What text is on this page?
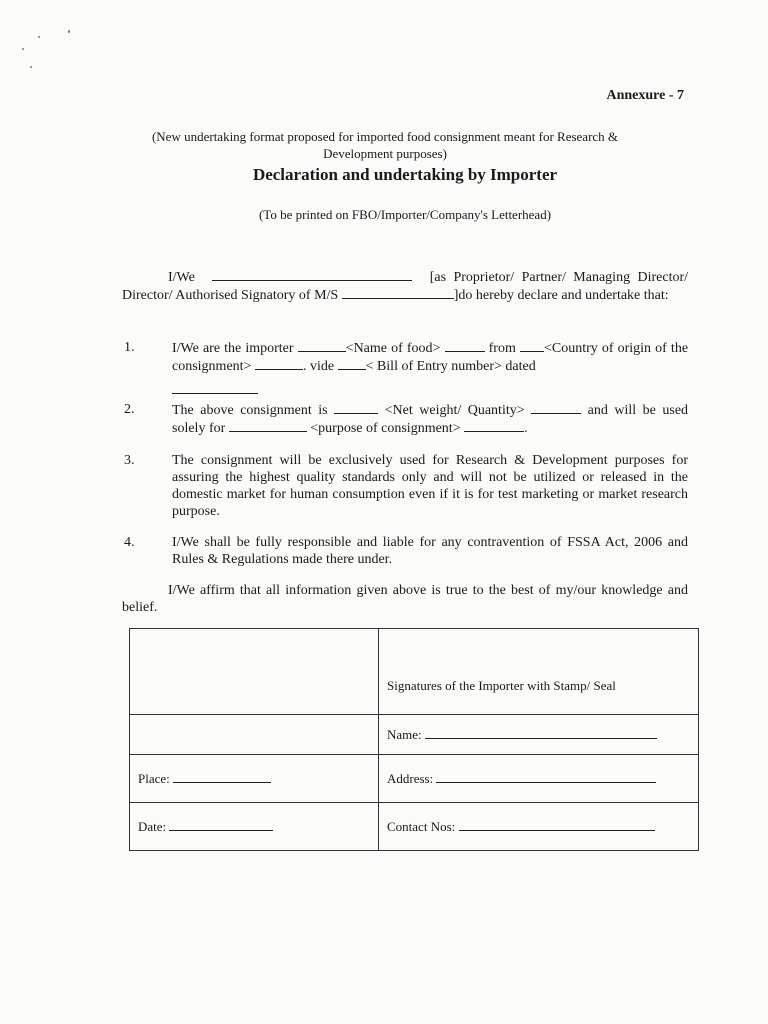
Annexure - 7
(New undertaking format proposed for imported food consignment meant for Research & Development purposes)
Declaration and undertaking by Importer
(To be printed on FBO/Importer/Company's Letterhead)
I/We	[as Proprietor/ Partner/ Managing Director/ Director/ Authorised Signatory of M/S	]do hereby declare and undertake that:
1.	I/We are the importer	<Name of food>	from <Country of origin of the consignment>	. vide < Bill of Entry number> dated

2.	The above consignment is	<Net weight/ Quantity>	and will be used solely for	<purpose of consignment>	.
3.	The consignment will be exclusively used for Research & Development purposes for assuring the highest quality standards only and will not be utilized or released in the domestic market for human consumption even if it is for test marketing or market research purpose.
4.	I/We shall be fully responsible and liable for any contravention of FSSA Act, 2006 and Rules & Regulations made there under.
I/We affirm that all information given above is true to the best of my/our knowledge and belief.
	Signatures of the Importer with Stamp/ Seal
	Name:
Place:	Address:
Date:	Contact Nos:
